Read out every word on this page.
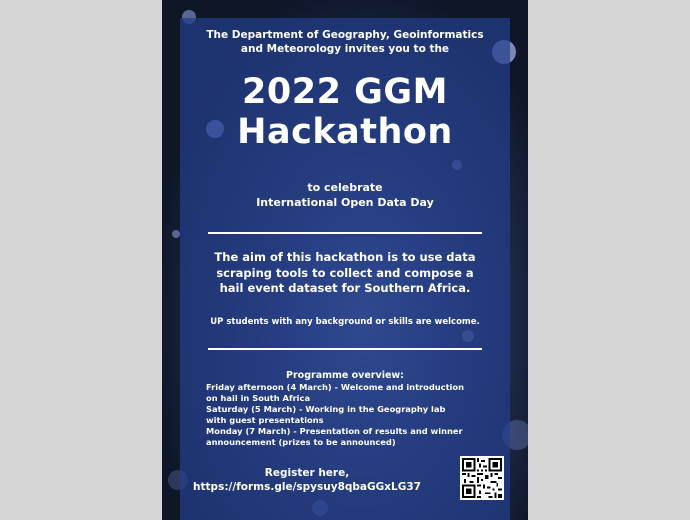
The Department of Geography, Geoinformatics and Meteorology invites you to the
2022 GGM
Hackathon
to celebrate
International Open Data Day
The aim of this hackathon is to use data scraping tools to collect and compose a hail event dataset for Southern Africa.
UP students with any background or skills are welcome.
Programme overview:
Friday afternoon (4 March) - Welcome and introduction on hail in South Africa
Saturday (5 March) - Working in the Geography lab with guest presentations
Monday (7 March) - Presentation of results and winner announcement (prizes to be announced)
Register here,
https://forms.gle/spysuy8qbaGGxLG37
